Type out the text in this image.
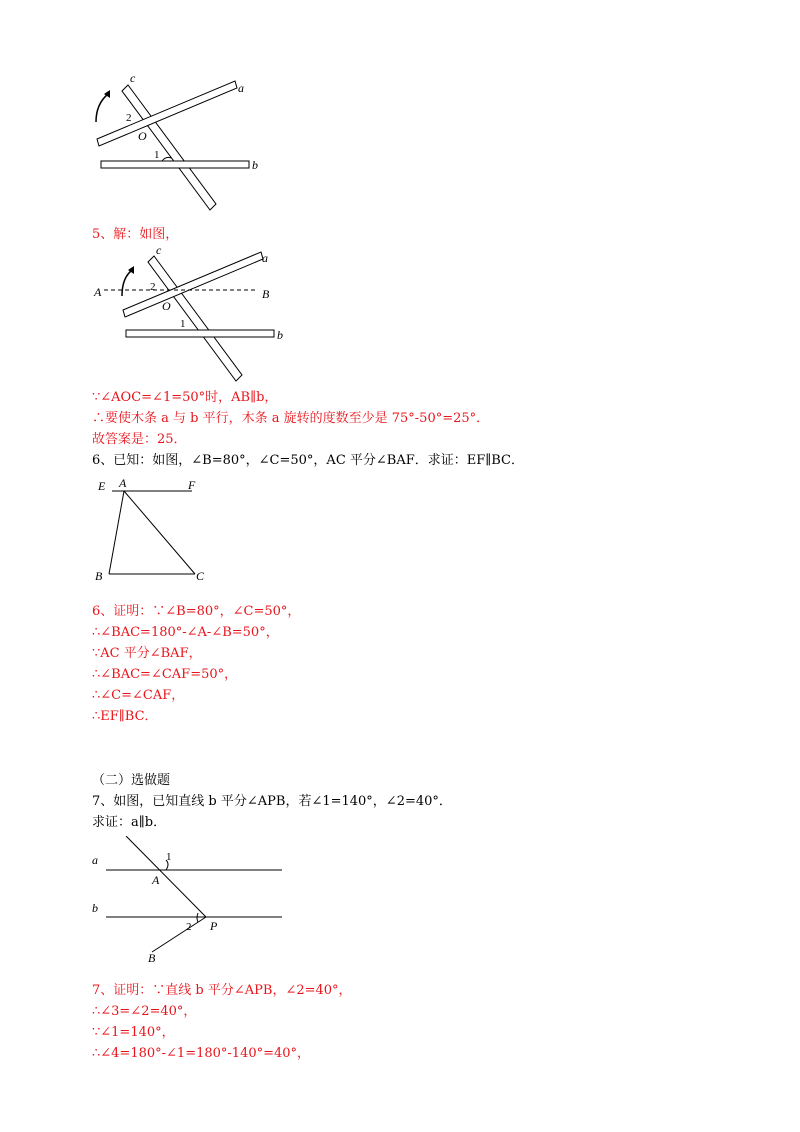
c
a
b
O
1
2
5、解：如图，
c
a
b
A	B
O
1
2
∵∠AOC=∠1=50°时，AB∥b，
∴要使木条 a 与 b 平行，木条 a 旋转的度数至少是 75°-50°=25°．
故答案是：25．
6、已知：如图，∠B=80°，∠C=50°，AC 平分∠BAF．求证：EF∥BC．
E A	F
B	C
6、证明：∵∠B=80°，∠C=50°，
∴∠BAC=180°-∠A-∠B=50°，
∵AC 平分∠BAF，
∴∠BAC=∠CAF=50°，
∴∠C=∠CAF，
∴EF∥BC．
（二）选做题
7、如图，已知直线 b 平分∠APB，若∠1=140°，∠2=40°．
求证：a∥b．
a
b
1
A
2 P
B
7、证明：∵直线 b 平分∠APB，∠2=40°，
∴∠3=∠2=40°，
∵∠1=140°，
∴∠4=180°-∠1=180°-140°=40°，
